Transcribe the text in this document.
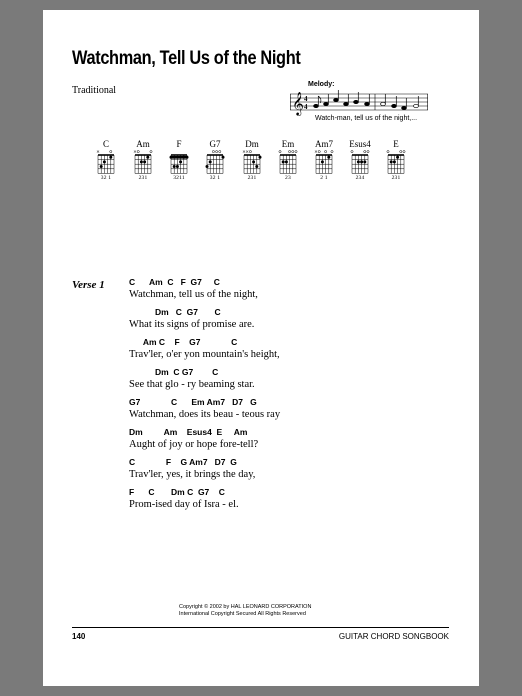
Watchman, Tell Us of the Night
Traditional
Melody:
𝄞 4
4
Watch-man, tell us of the night,...
C
32 1
Am
231
F
3211
G7
32 1
Dm
231
Em
23
Am7
2 1
Esus4
234
E
231
Verse 1	C      Am  C   F  G7     C
Watchman, tell us of the night,
Dm   C  G7       C
What its signs of promise are.
Am C    F    G7             C
Trav'ler, o'er yon mountain's height,
Dm  C G7        C
See that glo - ry beaming star.
G7             C      Em Am7   D7   G
Watchman, does its beau - teous ray
Dm         Am    Esus4  E     Am
Aught of joy or hope fore-tell?
C             F    G Am7   D7  G
Trav'ler, yes, it brings the day,
F      C       Dm C  G7    C
Prom-ised day of Isra - el.
Copyright © 2002 by HAL LEONARD CORPORATION
International Copyright Secured All Rights Reserved
140	GUITAR CHORD SONGBOOK
